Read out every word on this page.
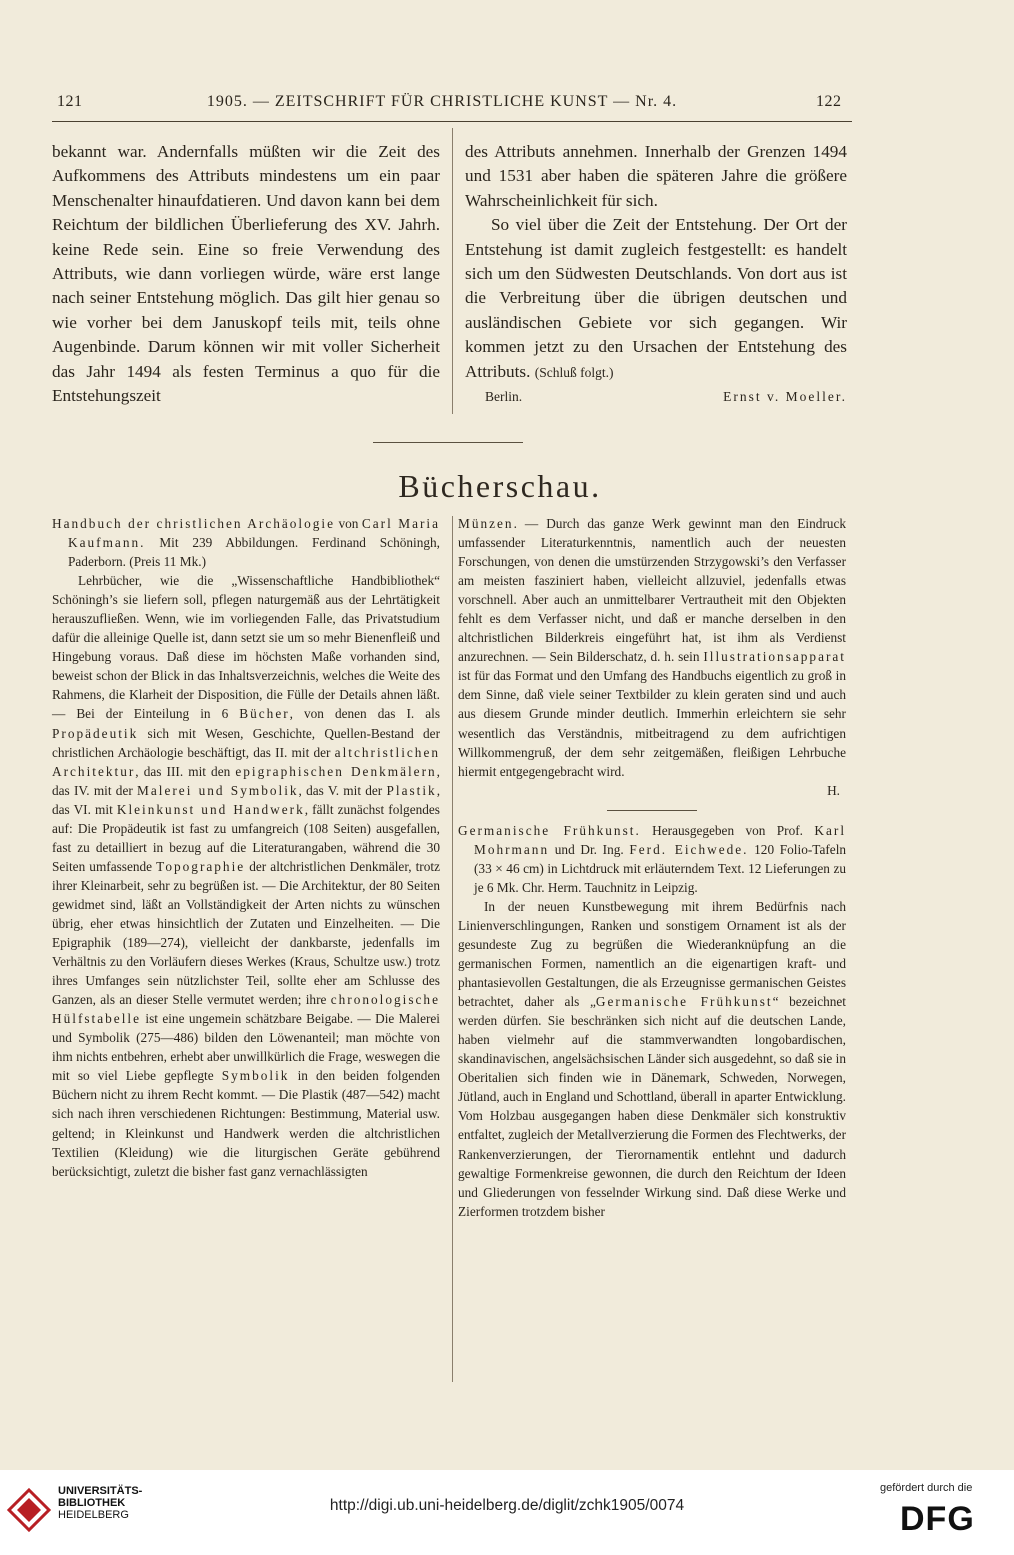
121	1905. — ZEITSCHRIFT FÜR CHRISTLICHE KUNST — Nr. 4.	122

bekannt war. Andernfalls müßten wir die Zeit des Aufkommens des Attributs mindestens um ein paar Menschenalter hinaufdatieren. Und davon kann bei dem Reichtum der bildlichen Überlieferung des XV. Jahrh. keine Rede sein. Eine so freie Verwendung des Attributs, wie dann vorliegen würde, wäre erst lange nach seiner Entstehung möglich. Das gilt hier genau so wie vorher bei dem Januskopf teils mit, teils ohne Augenbinde. Darum können wir mit voller Sicherheit das Jahr 1494 als festen Terminus a quo für die Entstehungszeit

des Attributs annehmen. Innerhalb der Grenzen 1494 und 1531 aber haben die späteren Jahre die größere Wahrscheinlichkeit für sich.

So viel über die Zeit der Entstehung. Der Ort der Entstehung ist damit zugleich festgestellt: es handelt sich um den Südwesten Deutschlands. Von dort aus ist die Verbreitung über die übrigen deutschen und ausländischen Gebiete vor sich gegangen. Wir kommen jetzt zu den Ursachen der Entstehung des Attributs. (Schluß folgt.)

Berlin.	Ernst v. Moeller.
Bücherschau.

Handbuch der christlichen Archäologie von Carl Maria Kaufmann. Mit 239 Abbildungen. Ferdinand Schöningh, Paderborn. (Preis 11 Mk.)

Lehrbücher, wie die „Wissenschaftliche Handbibliothek“ Schöningh’s sie liefern soll, pflegen naturgemäß aus der Lehrtätigkeit herauszufließen. Wenn, wie im vorliegenden Falle, das Privatstudium dafür die alleinige Quelle ist, dann setzt sie um so mehr Bienenfleiß und Hingebung voraus. Daß diese im höchsten Maße vorhanden sind, beweist schon der Blick in das Inhaltsverzeichnis, welches die Weite des Rahmens, die Klarheit der Disposition, die Fülle der Details ahnen läßt. — Bei der Einteilung in 6 Bücher, von denen das I. als Propädeutik sich mit Wesen, Geschichte, Quellen-Bestand der christlichen Archäologie beschäftigt, das II. mit der altchristlichen Architektur, das III. mit den epigraphischen Denkmälern, das IV. mit der Malerei und Symbolik, das V. mit der Plastik, das VI. mit Kleinkunst und Handwerk, fällt zunächst folgendes auf: Die Propädeutik ist fast zu umfangreich (108 Seiten) ausgefallen, fast zu detailliert in bezug auf die Literaturangaben, während die 30 Seiten umfassende Topographie der altchristlichen Denkmäler, trotz ihrer Kleinarbeit, sehr zu begrüßen ist. — Die Architektur, der 80 Seiten gewidmet sind, läßt an Vollständigkeit der Arten nichts zu wünschen übrig, eher etwas hinsichtlich der Zutaten und Einzelheiten. — Die Epigraphik (189—274), vielleicht der dankbarste, jedenfalls im Verhältnis zu den Vorläufern dieses Werkes (Kraus, Schultze usw.) trotz ihres Umfanges sein nützlichster Teil, sollte eher am Schlusse des Ganzen, als an dieser Stelle vermutet werden; ihre chronologische Hülfstabelle ist eine ungemein schätzbare Beigabe. — Die Malerei und Symbolik (275—486) bilden den Löwenanteil; man möchte von ihm nichts entbehren, erhebt aber unwillkürlich die Frage, weswegen die mit so viel Liebe gepflegte Symbolik in den beiden folgenden Büchern nicht zu ihrem Recht kommt. — Die Plastik (487—542) macht sich nach ihren verschiedenen Richtungen: Bestimmung, Material usw. geltend; in Kleinkunst und Handwerk werden die altchristlichen Textilien (Kleidung) wie die liturgischen Geräte gebührend berücksichtigt, zuletzt die bisher fast ganz vernachlässigten

Münzen. — Durch das ganze Werk gewinnt man den Eindruck umfassender Literaturkenntnis, namentlich auch der neuesten Forschungen, von denen die umstürzenden Strzygowski’s den Verfasser am meisten fasziniert haben, vielleicht allzuviel, jedenfalls etwas vorschnell. Aber auch an unmittelbarer Vertrautheit mit den Objekten fehlt es dem Verfasser nicht, und daß er manche derselben in den altchristlichen Bilderkreis eingeführt hat, ist ihm als Verdienst anzurechnen. — Sein Bilderschatz, d. h. sein Illustrationsapparat ist für das Format und den Umfang des Handbuchs eigentlich zu groß in dem Sinne, daß viele seiner Textbilder zu klein geraten sind und auch aus diesem Grunde minder deutlich. Immerhin erleichtern sie sehr wesentlich das Verständnis, mitbeitragend zu dem aufrichtigen Willkommengruß, der dem sehr zeitgemäßen, fleißigen Lehrbuche hiermit entgegengebracht wird.
H.

Germanische Frühkunst. Herausgegeben von Prof. Karl Mohrmann und Dr. Ing. Ferd. Eichwede. 120 Folio-Tafeln (33 × 46 cm) in Lichtdruck mit erläuterndem Text. 12 Lieferungen zu je 6 Mk. Chr. Herm. Tauchnitz in Leipzig.

In der neuen Kunstbewegung mit ihrem Bedürfnis nach Linienverschlingungen, Ranken und sonstigem Ornament ist als der gesundeste Zug zu begrüßen die Wiederanknüpfung an die germanischen Formen, namentlich an die eigenartigen kraft- und phantasievollen Gestaltungen, die als Erzeugnisse germanischen Geistes betrachtet, daher als „Germanische Frühkunst“ bezeichnet werden dürfen. Sie beschränken sich nicht auf die deutschen Lande, haben vielmehr auf die stammverwandten longobardischen, skandinavischen, angelsächsischen Länder sich ausgedehnt, so daß sie in Oberitalien sich finden wie in Dänemark, Schweden, Norwegen, Jütland, auch in England und Schottland, überall in aparter Entwicklung. Vom Holzbau ausgegangen haben diese Denkmäler sich konstruktiv entfaltet, zugleich der Metallverzierung die Formen des Flechtwerks, der Rankenverzierungen, der Tierornamentik entlehnt und dadurch gewaltige Formenkreise gewonnen, die durch den Reichtum der Ideen und Gliederungen von fesselnder Wirkung sind. Daß diese Werke und Zierformen trotzdem bisher

UNIVERSITÄTS-
BIBLIOTHEK
HEIDELBERG
http://digi.ub.uni-heidelberg.de/diglit/zchk1905/0074
gefördert durch die
DFG
